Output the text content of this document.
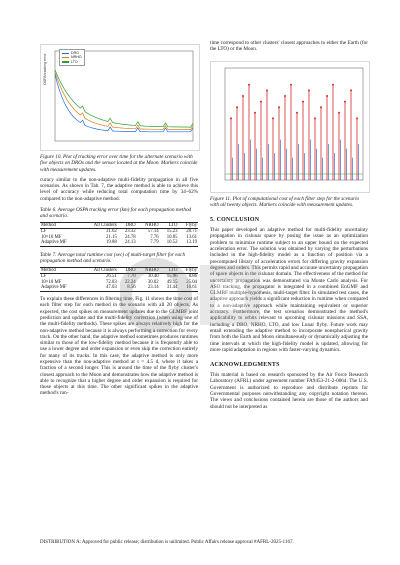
DRO
NRHO
LTO
OSPA tracking error
Figure 10. Plot of tracking error over time for the alternate scenario with five objects on DROs and the sensor located at the Moon. Markers coincide with measurement updates.

curacy similar to the non-adaptive multi-fidelity propagation in all five scenarios. As shown in Tab. 7, the adaptive method is able to achieve this level of accuracy while reducing total computation time by 34–62% compared to the non-adaptive method.

Table 6. Average OSPA tracking error (km) for each propagation method and scenario.
Method	All Clusters	DRO	NRHO	LTO	Flyby
LF	31.62	23.32	57.14	15.23	28.71
10×10 MF	21.15	24.78	7.76	10.85	13.61
Adaptive MF	19.88	24.13	7.79	10.52	13.19
Table 7. Average total runtime cost (sec) of multi-target filter for each propagation method and scenario.
Method	All Clusters	DRO	NRHO	LTO	Flyby
LF	26.51	7.70	10.40	15.96	8.86
10×10 MF	72.83	22.24	30.02	49.15	25.04
Adaptive MF	47.03	8.56	23.14	31.44	16.61

To explain these differences in filtering time, Fig. 11 shows the time cost of each filter step for each method in the scenario with all 20 objects. As expected, the cost spikes on measurement updates due to the GLMBF joint prediction and update and the multi-fidelity correction (when using one of the multi-fidelity methods). These spikes are always relatively high for the non-adaptive method because it is always performing a correction for every track. On the other hand, the adaptive method sometimes produces runtimes similar to those of the low-fidelity method because it is frequently able to use a lower degree and order expansion or even skip the correction entirely for many of its tracks. In this case, the adaptive method is only more expensive than the non-adaptive method at t = 4.5 d, where it takes a fraction of a second longer. This is around the time of the flyby cluster's closest approach to the Moon and demonstrates how the adaptive method is able to recognize that a higher degree and order expansion is required for those objects at this time. The other significant spikes in the adaptive method's run-

time correspond to other clusters' closest approaches to either the Earth (for the LTO) or the Moon.

Figure 11. Plot of computational cost of each filter step for the scenario with all twenty objects. Markers coincide with measurement updates.
5. CONCLUSION

This paper developed an adaptive method for multi-fidelity uncertainty propagation in cislunar space by posing the issue as an optimization problem to minimize runtime subject to an upper bound on the expected acceleration error. The solution was obtained by varying the perturbations included in the high-fidelity model as a function of position via a precomputed library of acceleration errors for differing gravity expansion degrees and orders. This permits rapid and accurate uncertainty propagation of space objects in the cislunar domain. The effectiveness of the method for uncertainty propagation was demonstrated via Monte Carlo analysis. For ASO tracking, the propagator is integrated in a combined EnGMF and GLMBF multiple-hypothesis, multi-target filter. In simulated test cases, the adaptive approach yields a significant reduction in runtime when compared to a non-adaptive approach while maintaining equivalent or superior accuracy. Furthermore, the test scenarios demonstrated the method's applicability to orbits relevant to upcoming cislunar missions and SSA, including a DRO, NRHO, LTO, and low Lunar flyby. Future work may entail extending the adaptive method to incorporate nonspherical gravity from both the Earth and Moon simultaneously or dynamically adjusting the time intervals at which the high-fidelity model is updated, allowing for more rapid adaptation in regions with faster-varying dynamics.

ACKNOWLEDGMENTS

This material is based on research sponsored by the Air Force Research Laboratory (AFRL) under agreement number FA9453-21-2-0064. The U.S. Government is authorized to reproduce and distribute reprints for Governmental purposes notwithstanding any copyright notation thereon. The views and conclusions contained herein are those of the authors and should not be interpreted as

DISTRIBUTION A: Approved for public release; distribution is unlimited. Public Affairs release approval #AFRL-2025-1167.
